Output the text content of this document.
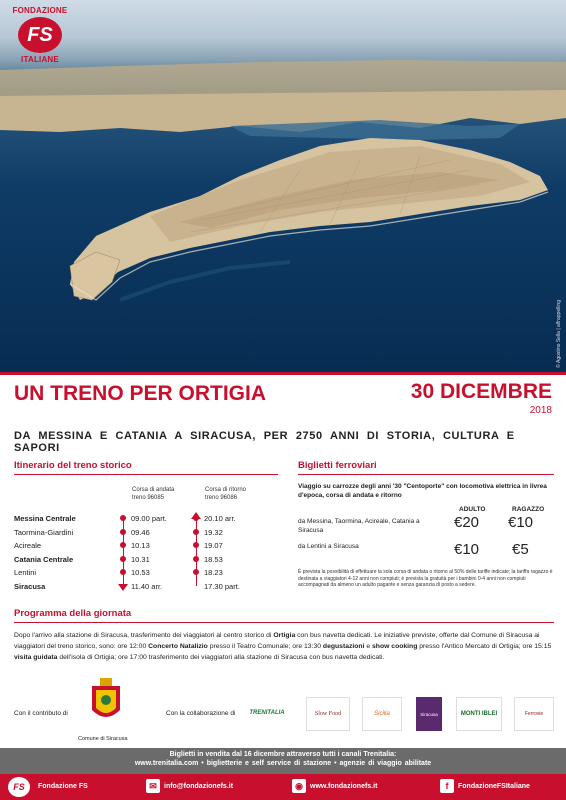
FONDAZIONE
FS
ITALIANE
© Agostino Sella | alfrappelling
UN TRENO PER ORTIGIA	30 DICEMBRE
2018
DA MESSINA E CATANIA A SIRACUSA, PER 2750 ANNI DI STORIA, CULTURA E SAPORI
Itinerario del treno storico
Corsa di andata
treno 96085
Corsa di ritorno
treno 96086
Messina Centrale	09.00 part.	20.10 arr.
Taormina-Giardini	09.46	19.32
Acireale	10.13	19.07
Catania Centrale	10.31	18.53
Lentini	10.53	18.23
Siracusa	11.40 arr.	17.30 part.
Biglietti ferroviari
Viaggio su carrozze degli anni '30 "Centoporte" con locomotiva elettrica in livrea d'epoca, corsa di andata e ritorno
ADULTO	RAGAZZO
da Messina, Taormina, Acireale, Catania a Siracusa	€20 €10
da Lentini a Siracusa	€10 €5
È prevista la possibilità di effettuare la sola corsa di andata o ritorno al 50% delle tariffe indicate; la tariffa ragazzo è destinata a viaggiatori 4-12 anni non compiuti; è prevista la gratuità per i bambini 0-4 anni non compiuti accompagnati da almeno un adulto pagante e senza garanzia di posto a sedere.
Programma della giornata
Dopo l'arrivo alla stazione di Siracusa, trasferimento dei viaggiatori al centro storico di Ortigia con bus navetta dedicati. Le iniziative previste, offerte dal Comune di Siracusa ai viaggiatori del treno storico, sono: ore 12:00 Concerto Natalizio presso il Teatro Comunale; ore 13:30 degustazioni e show cooking presso l'Antico Mercato di Ortigia; ore 15:15 visita guidata dell'isola di Ortigia; ore 17:00 trasferimento dei viaggiatori alla stazione di Siracusa con bus navetta dedicati.
Con il contributo di
Comune di Siracusa
Con la collaborazione di	TRENITALIA	Slow Food	Sicilia	Siracusa	MONTI IBLEI	Ferrovie
Biglietti in vendita dal 16 dicembre attraverso tutti i canali Trenitalia:
www.trenitalia.com • biglietterie e self service di stazione • agenzie di viaggio abilitate
FS	Fondazione FS	✉	info@fondazionefs.it	◉	www.fondazionefs.it	f	FondazioneFSItaliane
